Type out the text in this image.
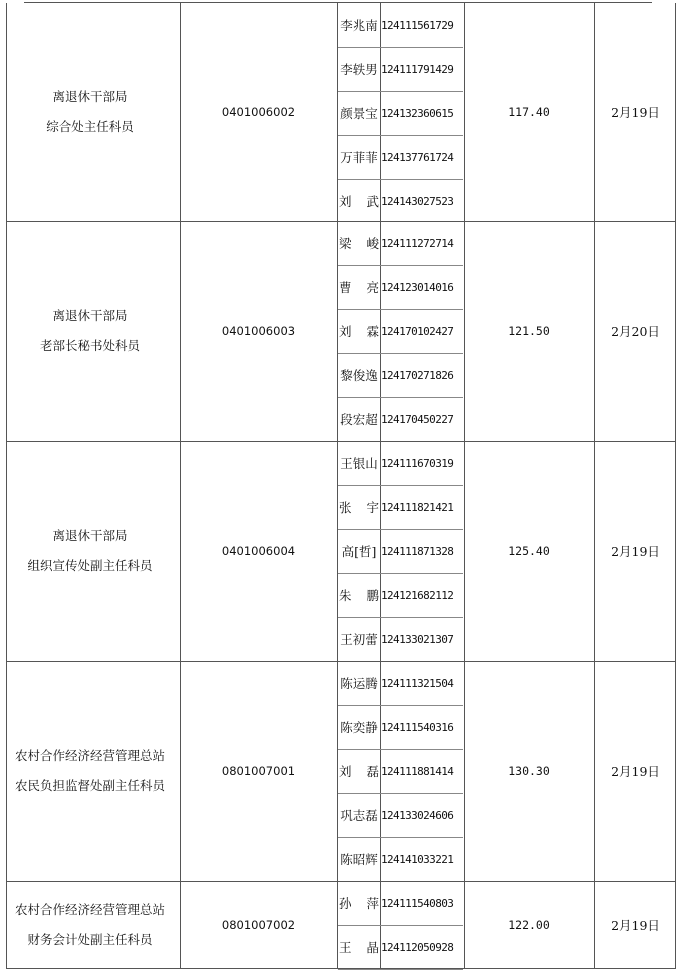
离退休干部局
综合处主任科员
0401006002	117.40	2月19日
李兆南 124111561729
李轶男 124111791429
颜景宝 124132360615
万菲菲 124137761724
刘 武 124143027523
离退休干部局
老部长秘书处科员
0401006003	121.50	2月20日
梁 峻 124111272714
曹 亮 124123014016
刘 霖 124170102427
黎俊逸 124170271826
段宏超 124170450227
离退休干部局
组织宣传处副主任科员
0401006004	125.40	2月19日
王银山 124111670319
张 宇 124111821421
高[哲] 124111871328
朱 鹏 124121682112
王初蕾 124133021307
农村合作经济经营管理总站
农民负担监督处副主任科员
0801007001	130.30	2月19日
陈运腾 124111321504
陈奕静 124111540316
刘 磊 124111881414
巩志磊 124133024606
陈昭辉 124141033221
农村合作经济经营管理总站
财务会计处副主任科员
0801007002	122.00	2月19日
孙 萍 124111540803
王 晶 124112050928
